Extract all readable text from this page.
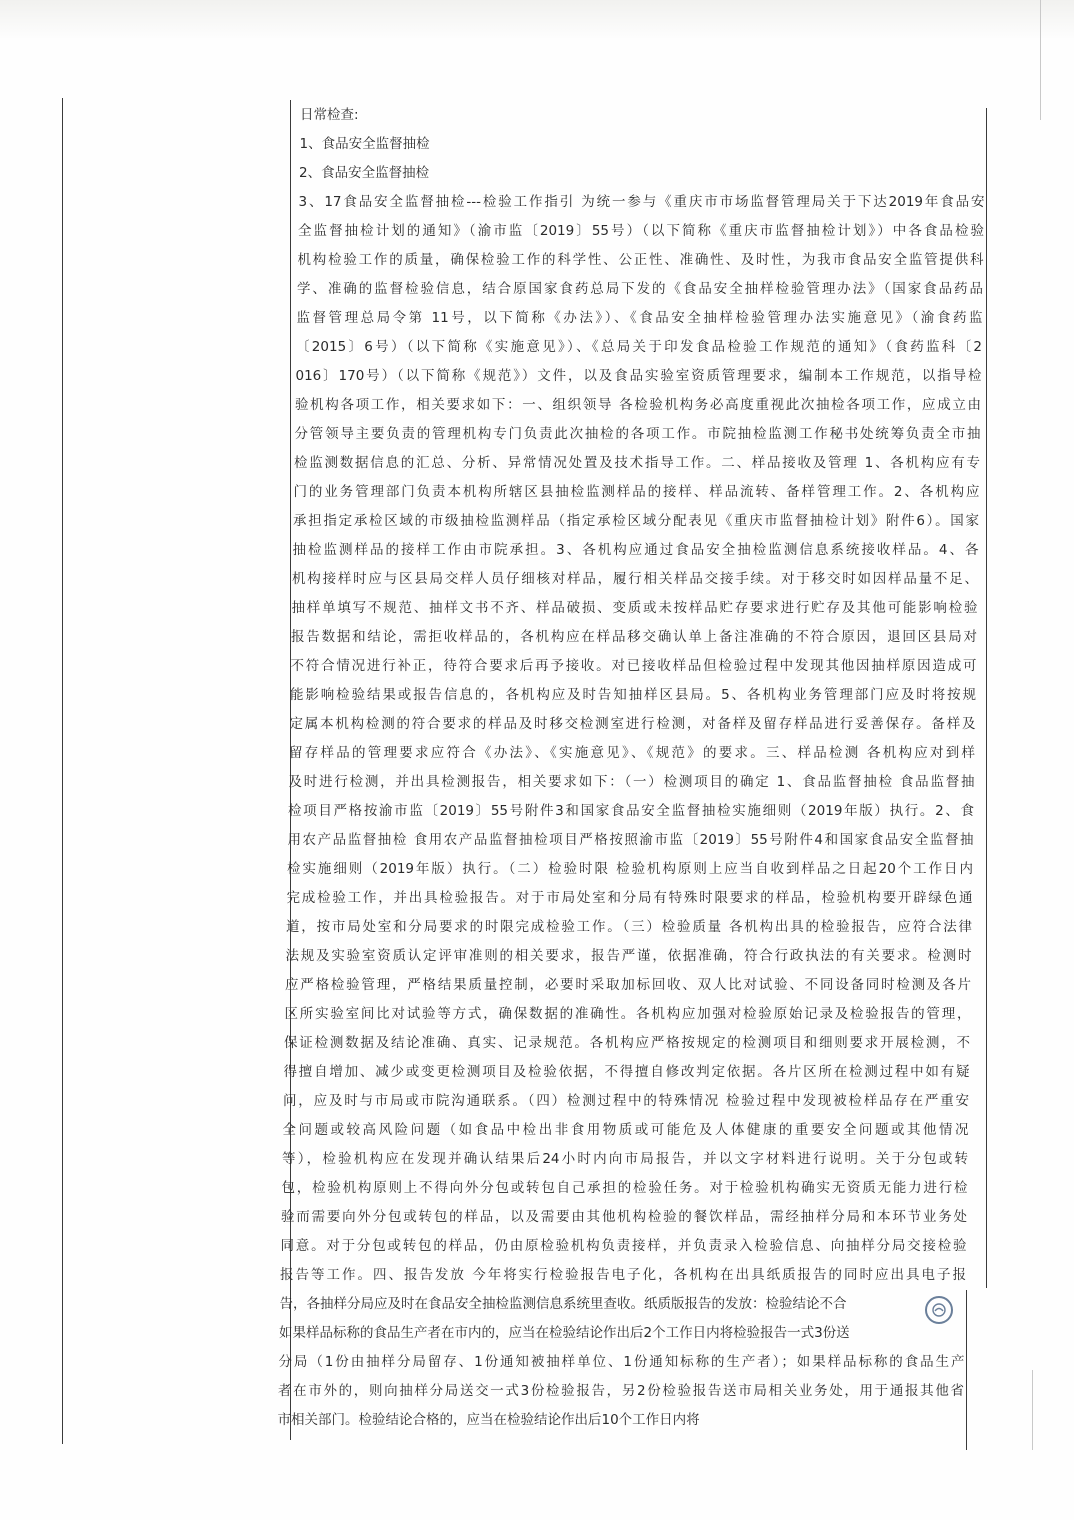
日常检查:
1、食品安全监督抽检
2、食品安全监督抽检
3、17食品安全监督抽检---检验工作指引 为统一参与《重庆市市场监督管理局关于下达2019年食品安
全监督抽检计划的通知》（渝市监〔2019〕55号）（以下简称《重庆市监督抽检计划》）中各食品检验
机构检验工作的质量，确保检验工作的科学性、公正性、准确性、及时性，为我市食品安全监管提供科
学、准确的监督检验信息，结合原国家食药总局下发的《食品安全抽样检验管理办法》（国家食品药品
监督管理总局令第 11号，以下简称《办法》）、《食品安全抽样检验管理办法实施意见》（渝食药监
〔2015〕6号）（以下简称《实施意见》）、《总局关于印发食品检验工作规范的通知》（食药监科〔2
016〕170号）（以下简称《规范》）文件，以及食品实验室资质管理要求，编制本工作规范，以指导检
验机构各项工作，相关要求如下：一、组织领导 各检验机构务必高度重视此次抽检各项工作，应成立由
分管领导主要负责的管理机构专门负责此次抽检的各项工作。市院抽检监测工作秘书处统筹负责全市抽
检监测数据信息的汇总、分析、异常情况处置及技术指导工作。二、样品接收及管理 1、各机构应有专
门的业务管理部门负责本机构所辖区县抽检监测样品的接样、样品流转、备样管理工作。2、各机构应
承担指定承检区域的市级抽检监测样品（指定承检区域分配表见《重庆市监督抽检计划》附件6）。国家
抽检监测样品的接样工作由市院承担。3、各机构应通过食品安全抽检监测信息系统接收样品。4、各
机构接样时应与区县局交样人员仔细核对样品，履行相关样品交接手续。对于移交时如因样品量不足、
抽样单填写不规范、抽样文书不齐、样品破损、变质或未按样品贮存要求进行贮存及其他可能影响检验
报告数据和结论，需拒收样品的，各机构应在样品移交确认单上备注准确的不符合原因，退回区县局对
不符合情况进行补正，待符合要求后再予接收。对已接收样品但检验过程中发现其他因抽样原因造成可
能影响检验结果或报告信息的，各机构应及时告知抽样区县局。5、各机构业务管理部门应及时将按规
定属本机构检测的符合要求的样品及时移交检测室进行检测，对备样及留存样品进行妥善保存。备样及
留存样品的管理要求应符合《办法》、《实施意见》、《规范》的要求。三、样品检测 各机构应对到样
及时进行检测，并出具检测报告，相关要求如下：（一）检测项目的确定 1、食品监督抽检 食品监督抽
检项目严格按渝市监〔2019〕55号附件3和国家食品安全监督抽检实施细则（2019年版）执行。2、食
用农产品监督抽检 食用农产品监督抽检项目严格按照渝市监〔2019〕55号附件4和国家食品安全监督抽
检实施细则（2019年版）执行。（二）检验时限 检验机构原则上应当自收到样品之日起20个工作日内
完成检验工作，并出具检验报告。对于市局处室和分局有特殊时限要求的样品，检验机构要开辟绿色通
道，按市局处室和分局要求的时限完成检验工作。（三）检验质量 各机构出具的检验报告，应符合法律
法规及实验室资质认定评审准则的相关要求，报告严谨，依据准确，符合行政执法的有关要求。检测时
应严格检验管理，严格结果质量控制，必要时采取加标回收、双人比对试验、不同设备同时检测及各片
区所实验室间比对试验等方式，确保数据的准确性。各机构应加强对检验原始记录及检验报告的管理，
保证检测数据及结论准确、真实、记录规范。各机构应严格按规定的检测项目和细则要求开展检测，不
得擅自增加、减少或变更检测项目及检验依据，不得擅自修改判定依据。各片区所在检测过程中如有疑
问，应及时与市局或市院沟通联系。（四）检测过程中的特殊情况 检验过程中发现被检样品存在严重安
全问题或较高风险问题（如食品中检出非食用物质或可能危及人体健康的重要安全问题或其他情况
等），检验机构应在发现并确认结果后24小时内向市局报告，并以文字材料进行说明。关于分包或转
包，检验机构原则上不得向外分包或转包自己承担的检验任务。对于检验机构确实无资质无能力进行检
验而需要向外分包或转包的样品，以及需要由其他机构检验的餐饮样品，需经抽样分局和本环节业务处
同意。对于分包或转包的样品，仍由原检验机构负责接样，并负责录入检验信息、向抽样分局交接检验
报告等工作。四、报告发放 今年将实行检验报告电子化，各机构在出具纸质报告的同时应出具电子报
告，各抽样分局应及时在食品安全抽检监测信息系统里查收。纸质版报告的发放：检验结论不合
如果样品标称的食品生产者在市内的，应当在检验结论作出后2个工作日内将检验报告一式3份送
分局（1份由抽样分局留存、1份通知被抽样单位、1份通知标称的生产者）；如果样品标称的食品生产
者在市外的，则向抽样分局送交一式3份检验报告，另2份检验报告送市局相关业务处，用于通报其他省
市相关部门。检验结论合格的，应当在检验结论作出后10个工作日内将
